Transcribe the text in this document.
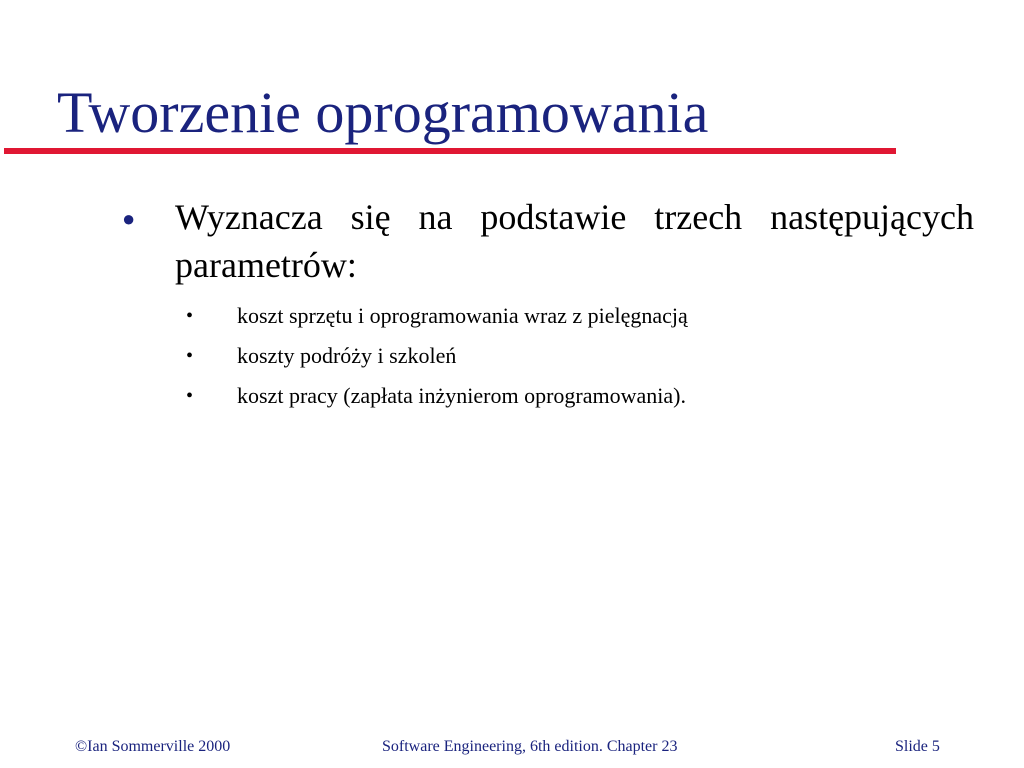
Tworzenie oprogramowania
● Wyznacza się na podstawie trzech następujących parametrów:
• koszt sprzętu i oprogramowania wraz z pielęgnacją
• koszty podróży i szkoleń
• koszt pracy (zapłata inżynierom oprogramowania).
©Ian Sommerville 2000	Software Engineering, 6th edition. Chapter 23	Slide 5
